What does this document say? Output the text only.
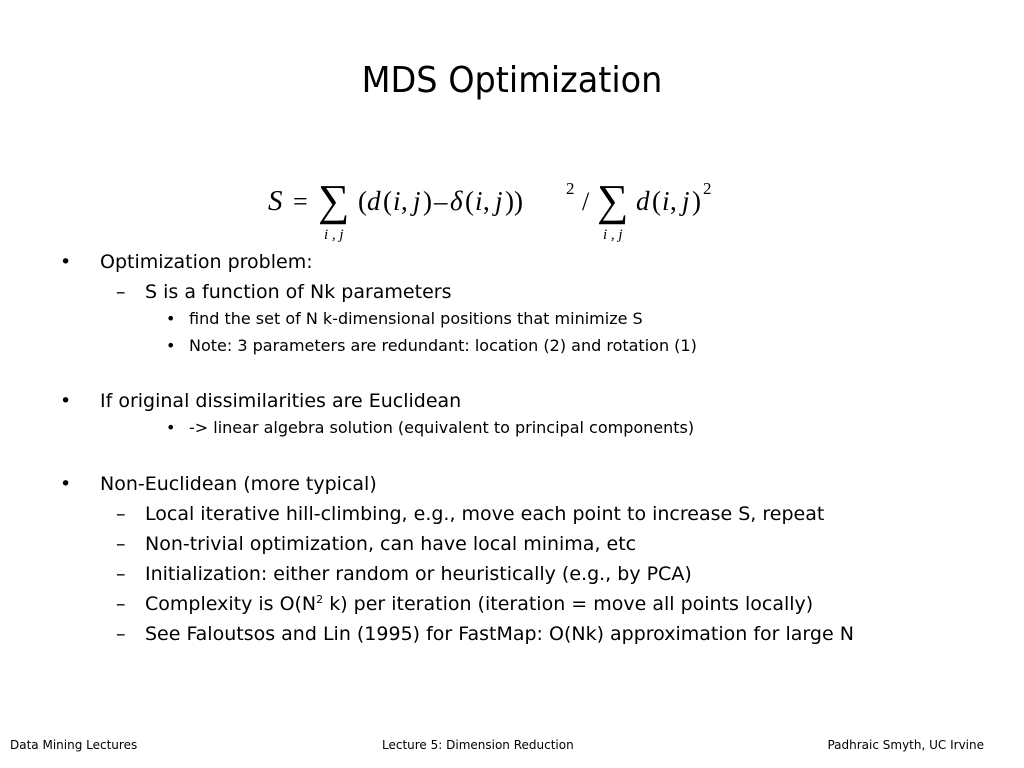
MDS Optimization
S = ∑
i , j
( d ( i , j ) – δ ( i , j ))	2 / ∑
i , j
d ( i , j ) 2
• Optimization problem:
– S is a function of Nk parameters
• find the set of N k-dimensional positions that minimize S
• Note: 3 parameters are redundant: location (2) and rotation (1)
• If original dissimilarities are Euclidean
• -> linear algebra solution (equivalent to principal components)
• Non-Euclidean (more typical)
– Local iterative hill-climbing, e.g., move each point to increase S, repeat
– Non-trivial optimization, can have local minima, etc
– Initialization: either random or heuristically (e.g., by PCA)
– Complexity is $O(N^2$ k) per iteration (iteration = move all points locally)
– See Faloutsos and Lin (1995) for FastMap: O(Nk) approximation for large N
Data Mining Lectures	Lecture 5: Dimension Reduction	Padhraic Smyth, UC Irvine
